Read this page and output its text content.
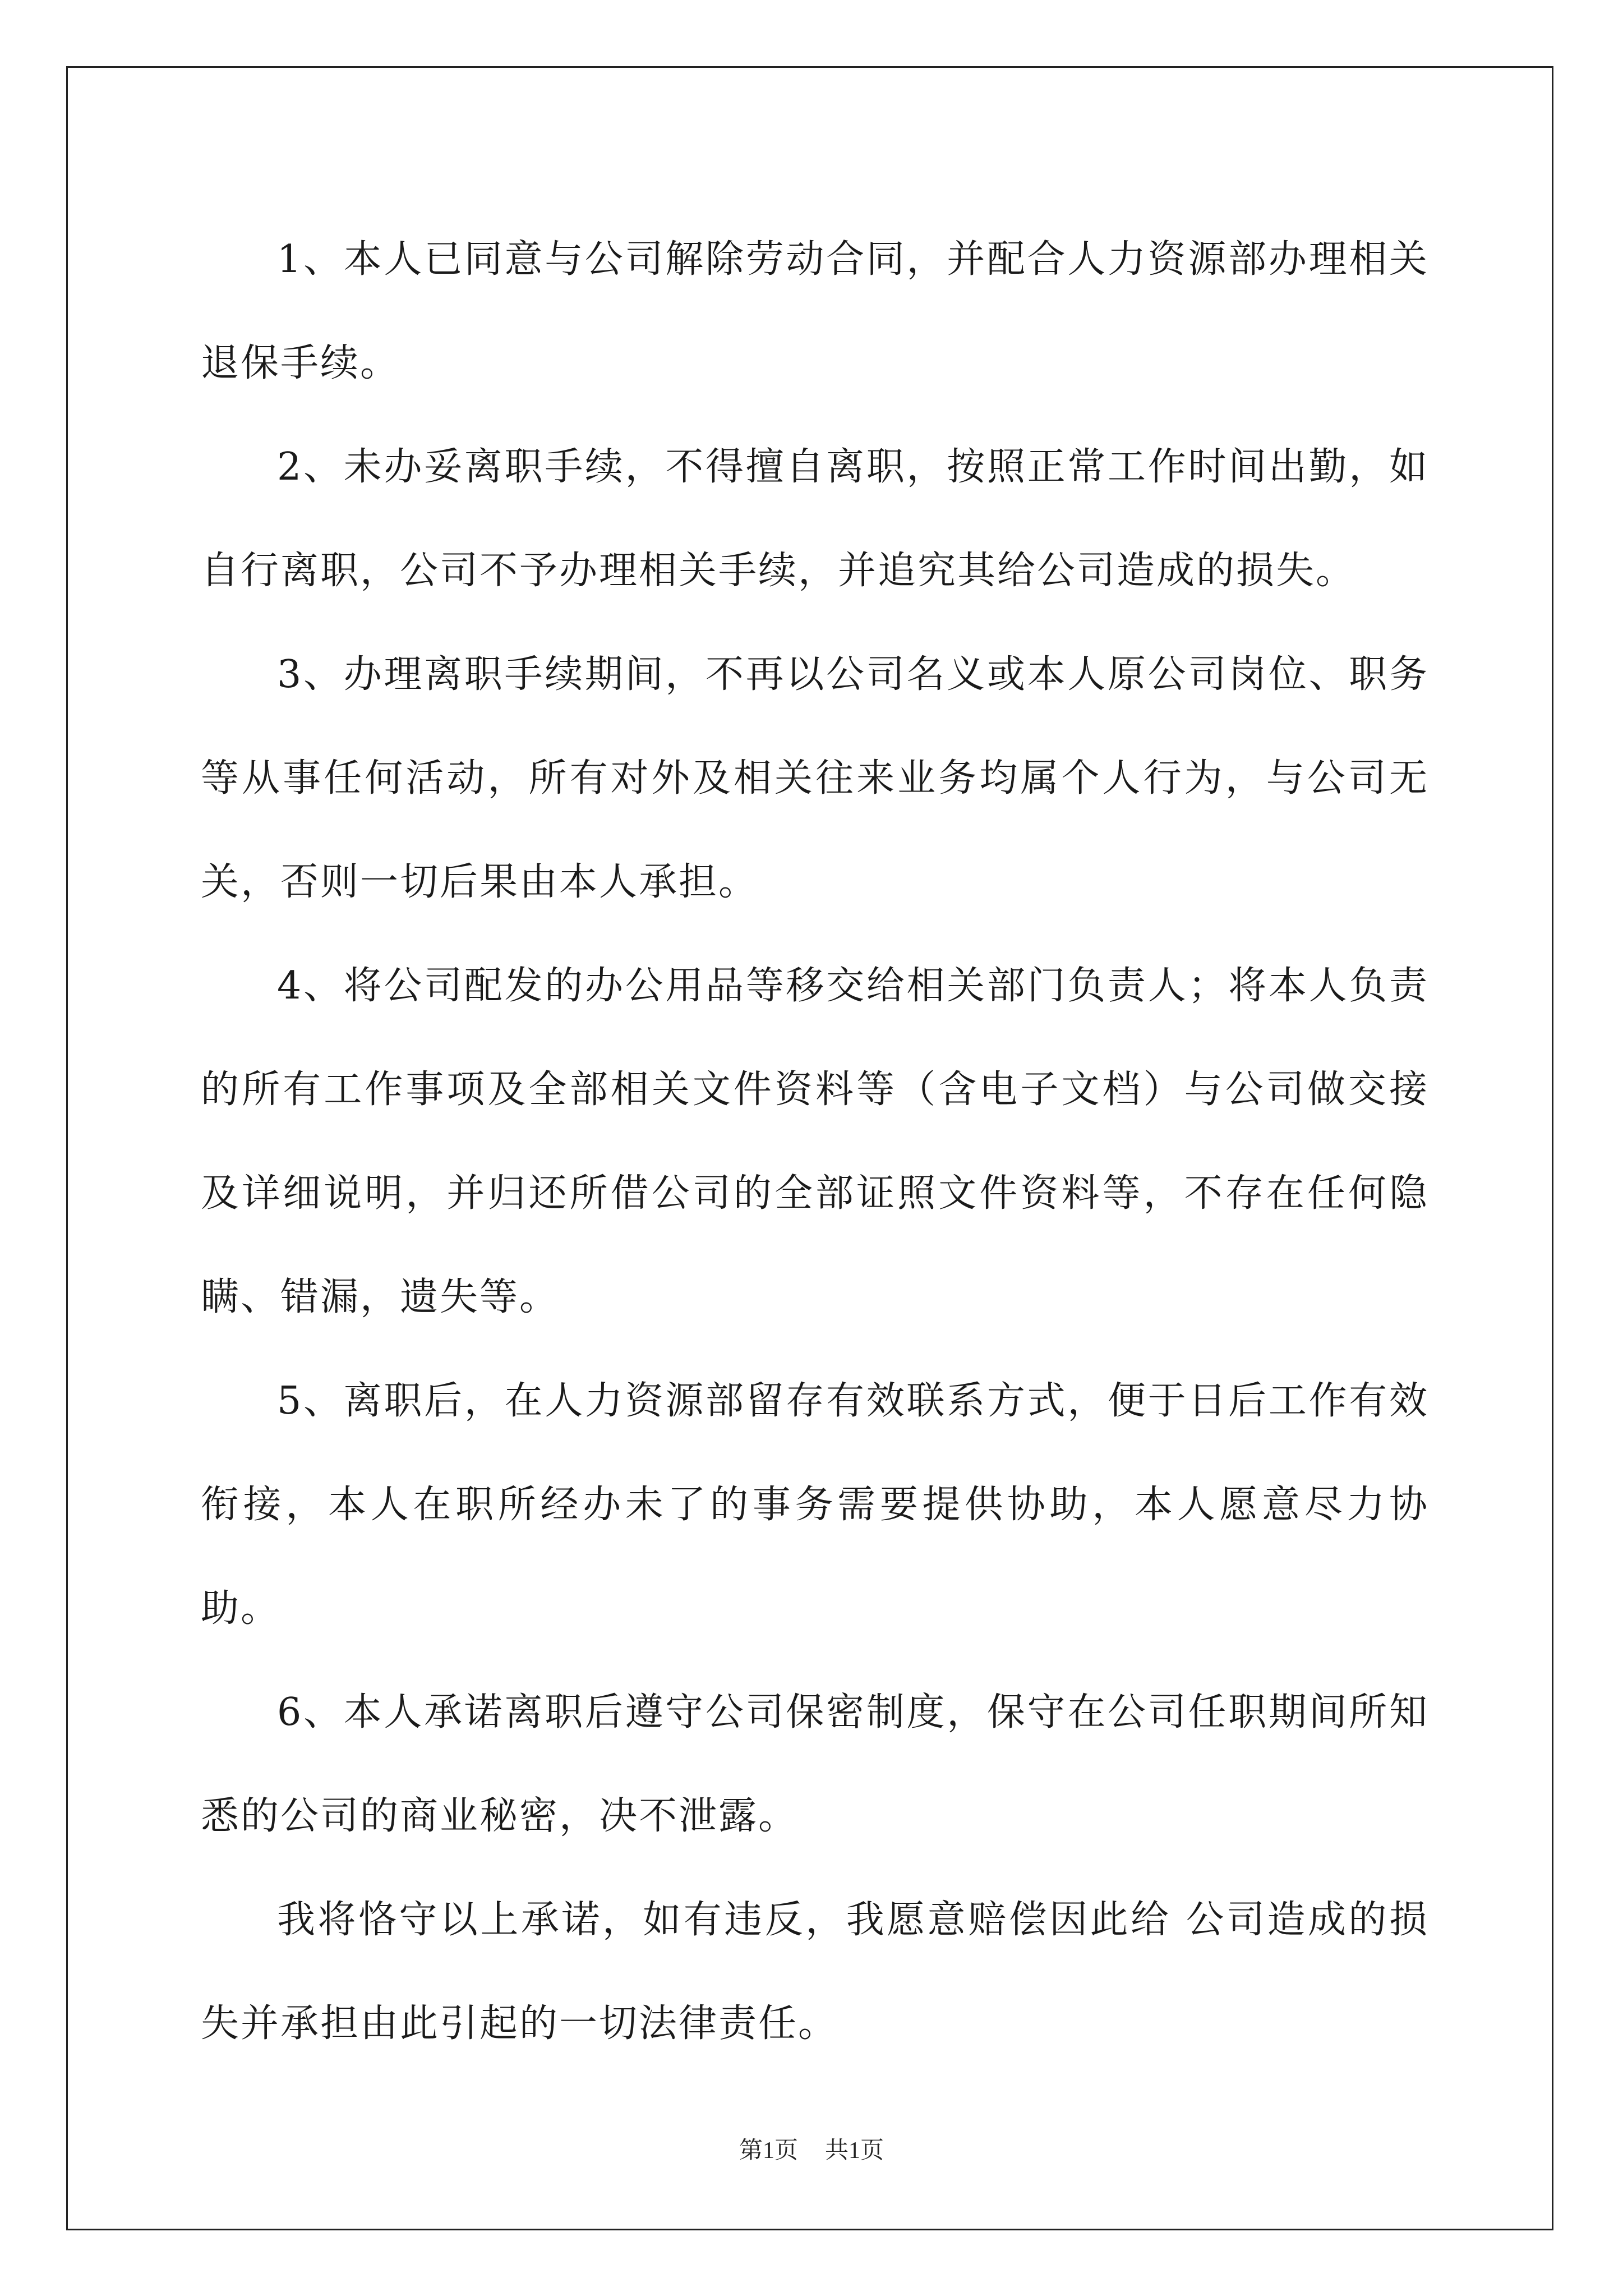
1、本人已同意与公司解除劳动合同，并配合人力资源部办理相关退保手续。

2、未办妥离职手续，不得擅自离职，按照正常工作时间出勤，如自行离职，公司不予办理相关手续，并追究其给公司造成的损失。

3、办理离职手续期间，不再以公司名义或本人原公司岗位、职务等从事任何活动，所有对外及相关往来业务均属个人行为，与公司无关，否则一切后果由本人承担。

4、将公司配发的办公用品等移交给相关部门负责人；将本人负责的所有工作事项及全部相关文件资料等（含电子文档）与公司做交接及详细说明，并归还所借公司的全部证照文件资料等，不存在任何隐瞒、错漏，遗失等。

5、离职后，在人力资源部留存有效联系方式，便于日后工作有效衔接，本人在职所经办未了的事务需要提供协助，本人愿意尽力协助。

6、本人承诺离职后遵守公司保密制度，保守在公司任职期间所知悉的公司的商业秘密，决不泄露。

我将恪守以上承诺，如有违反，我愿意赔偿因此给 公司造成的损失并承担由此引起的一切法律责任。

第1页 共1页
